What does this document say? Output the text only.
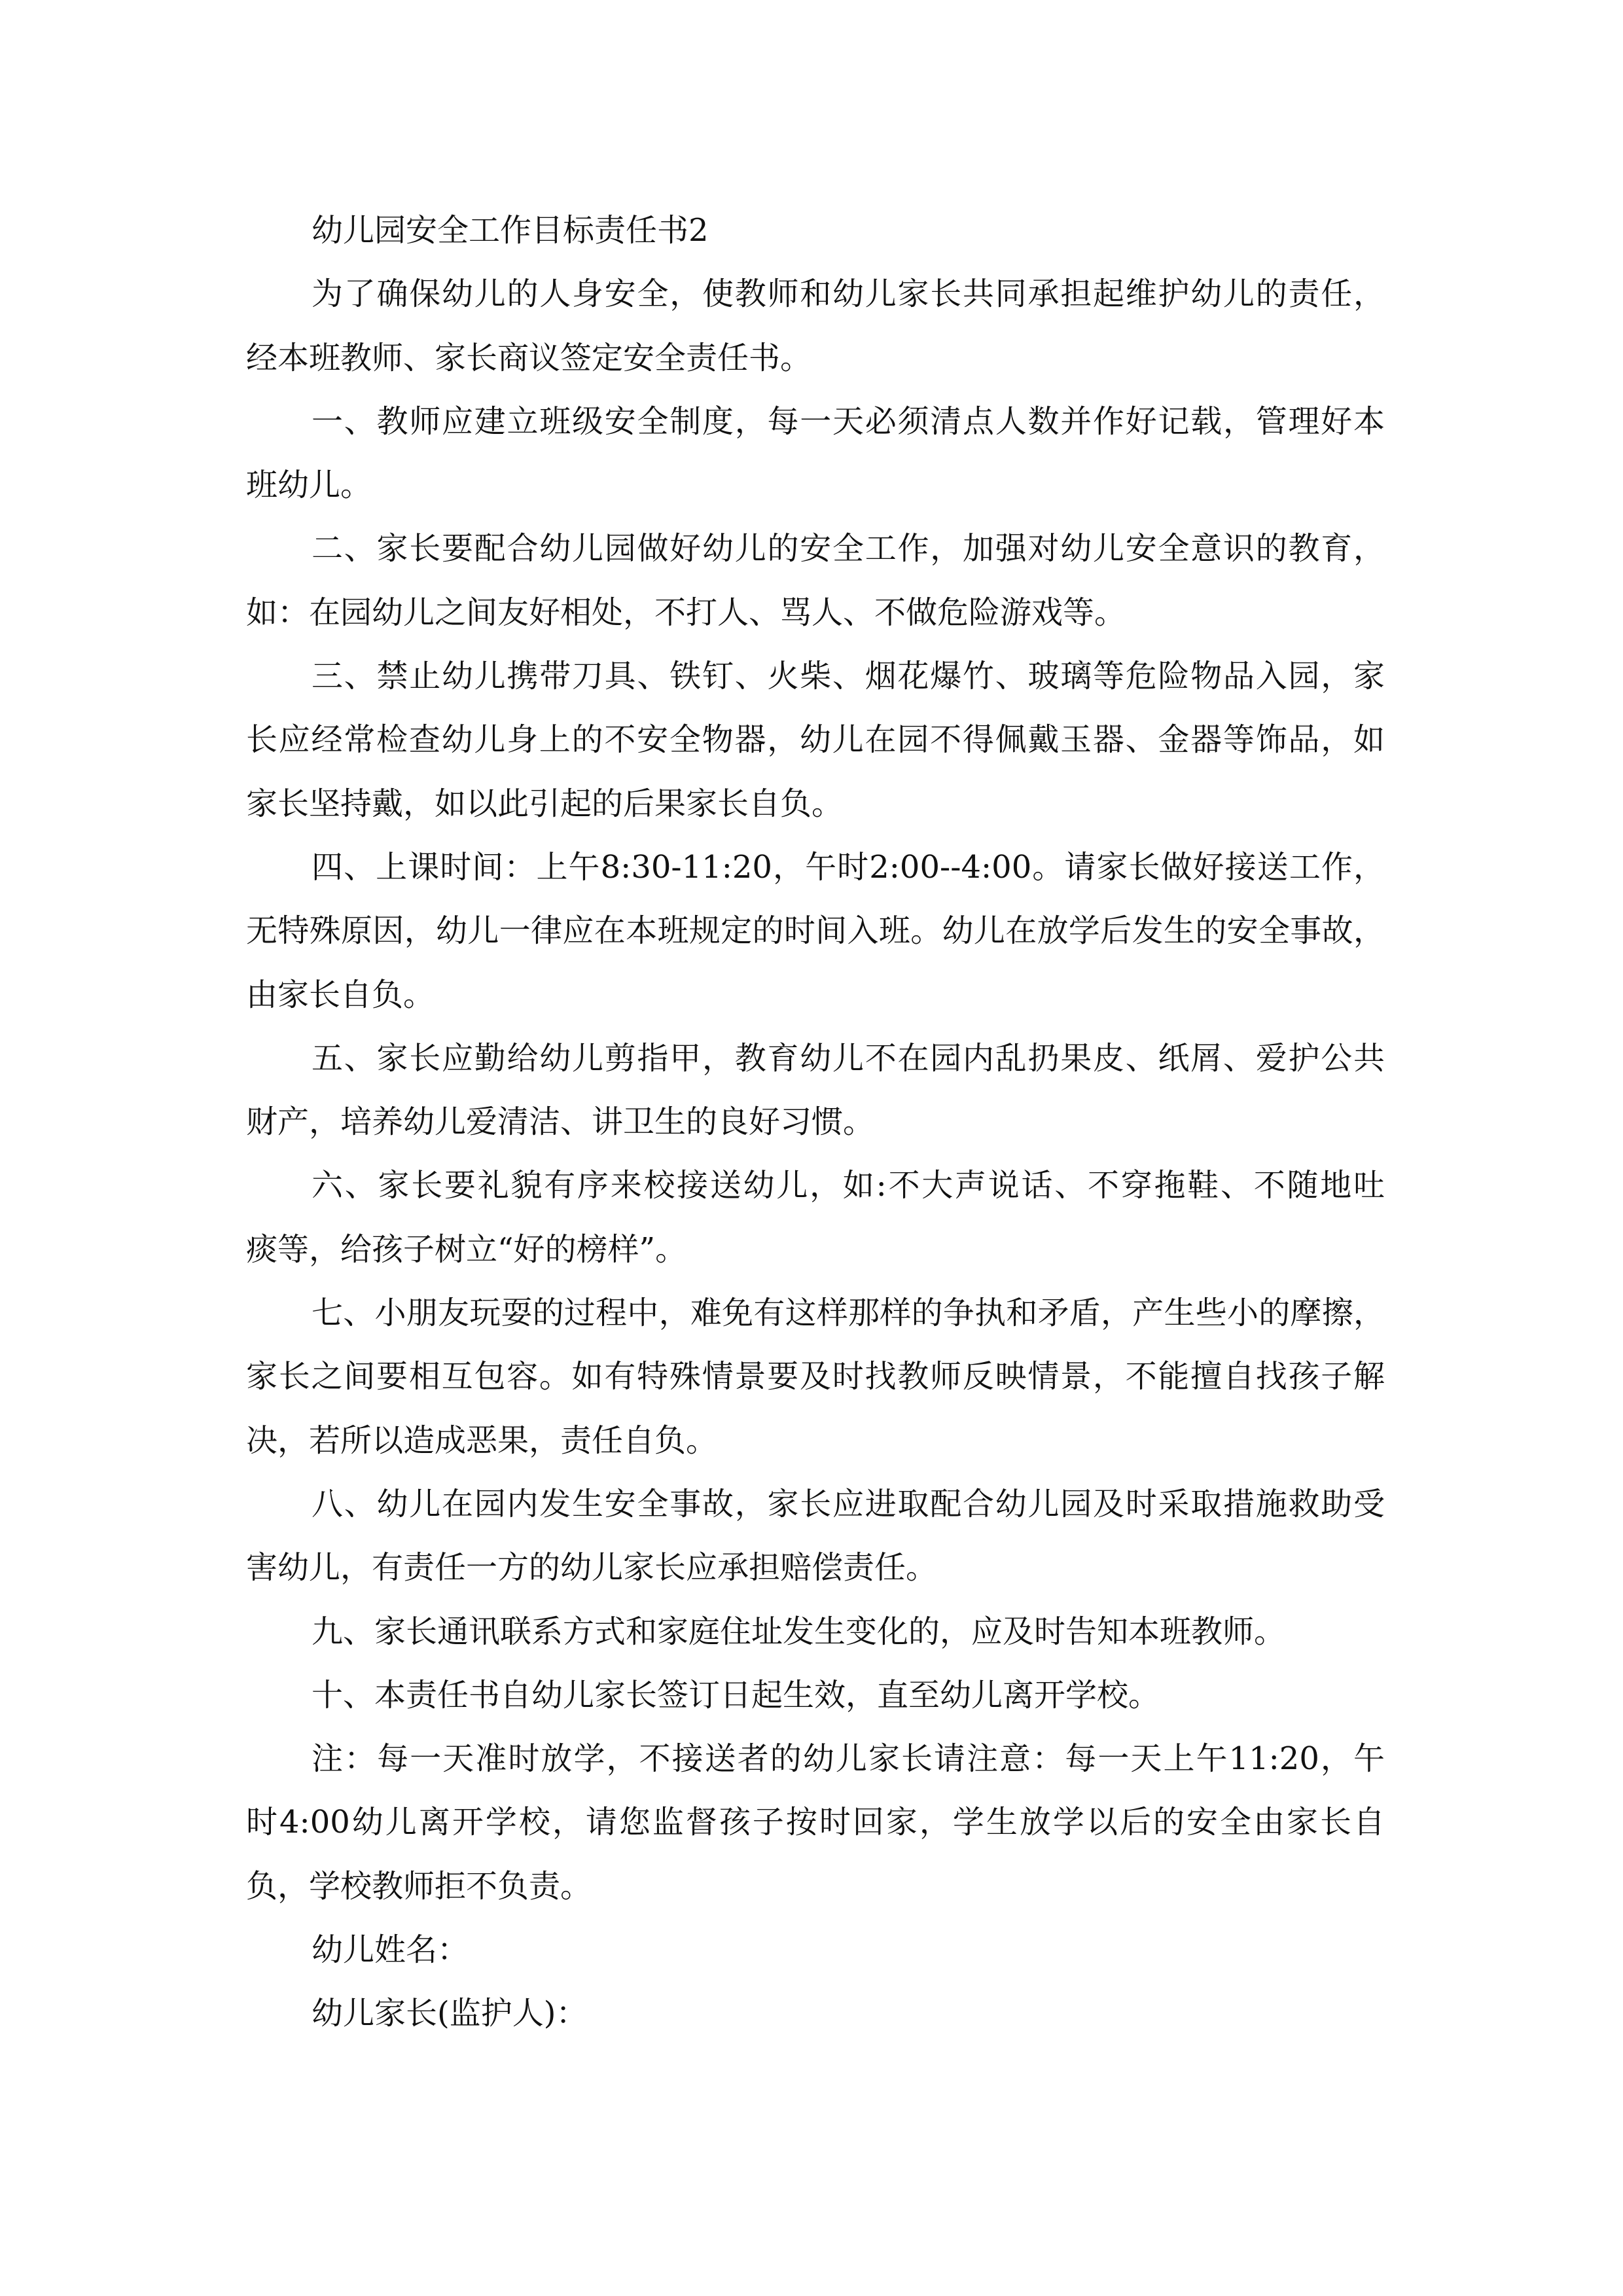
幼儿园安全工作目标责任书2
为了确保幼儿的人身安全，使教师和幼儿家长共同承担起维护幼儿的责任，
经本班教师、家长商议签定安全责任书。
一、教师应建立班级安全制度，每一天必须清点人数并作好记载，管理好本
班幼儿。
二、家长要配合幼儿园做好幼儿的安全工作，加强对幼儿安全意识的教育，
如：在园幼儿之间友好相处，不打人、骂人、不做危险游戏等。
三、禁止幼儿携带刀具、铁钉、火柴、烟花爆竹、玻璃等危险物品入园，家
长应经常检查幼儿身上的不安全物器，幼儿在园不得佩戴玉器、金器等饰品，如
家长坚持戴，如以此引起的后果家长自负。
四、上课时间：上午8:30-11:20，午时2:00--4:00。请家长做好接送工作，
无特殊原因，幼儿一律应在本班规定的时间入班。幼儿在放学后发生的安全事故，
由家长自负。
五、家长应勤给幼儿剪指甲，教育幼儿不在园内乱扔果皮、纸屑、爱护公共
财产，培养幼儿爱清洁、讲卫生的良好习惯。
六、家长要礼貌有序来校接送幼儿，如:不大声说话、不穿拖鞋、不随地吐
痰等，给孩子树立“好的榜样”。
七、小朋友玩耍的过程中，难免有这样那样的争执和矛盾，产生些小的摩擦，
家长之间要相互包容。如有特殊情景要及时找教师反映情景，不能擅自找孩子解
决，若所以造成恶果，责任自负。
八、幼儿在园内发生安全事故，家长应进取配合幼儿园及时采取措施救助受
害幼儿，有责任一方的幼儿家长应承担赔偿责任。
九、家长通讯联系方式和家庭住址发生变化的，应及时告知本班教师。
十、本责任书自幼儿家长签订日起生效，直至幼儿离开学校。
注：每一天准时放学，不接送者的幼儿家长请注意：每一天上午11:20，午
时4:00幼儿离开学校，请您监督孩子按时回家，学生放学以后的安全由家长自
负，学校教师拒不负责。
幼儿姓名：
幼儿家长(监护人)：
